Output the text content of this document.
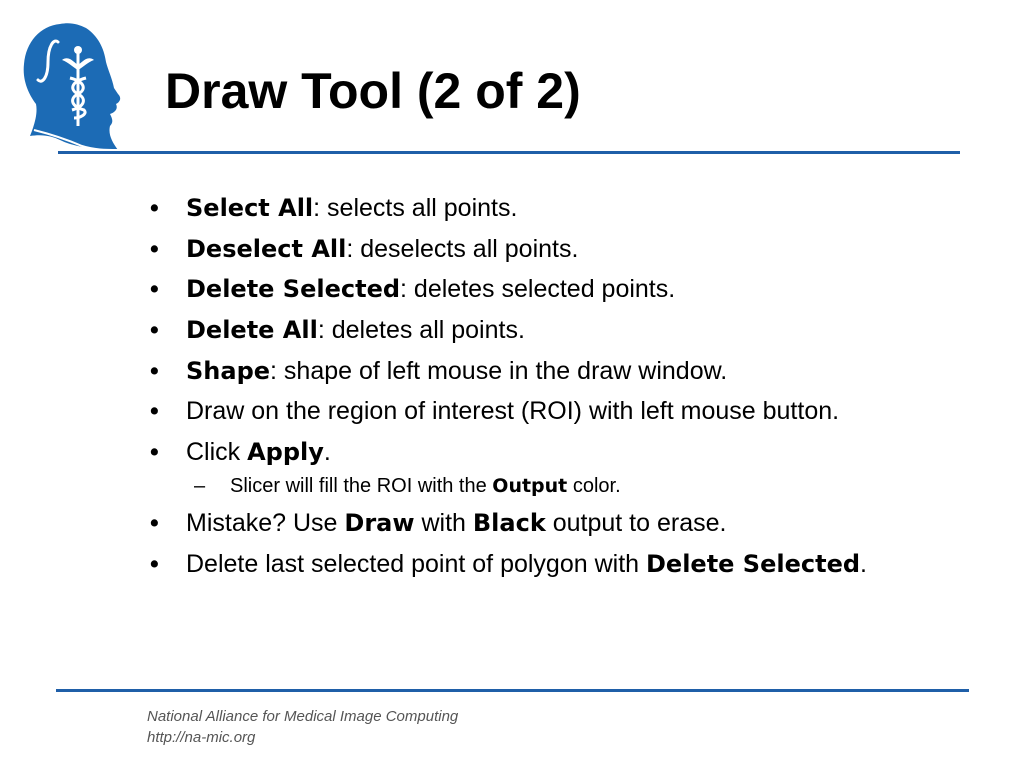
Draw Tool (2 of 2)
• Select All: selects all points.
• Deselect All: deselects all points.
• Delete Selected: deletes selected points.
• Delete All: deletes all points.
• Shape: shape of left mouse in the draw window.
• Draw on the region of interest (ROI) with left mouse button.
• Click Apply.
– Slicer will fill the ROI with the Output color.
• Mistake? Use Draw with Black output to erase.
• Delete last selected point of polygon with Delete Selected.
National Alliance for Medical Image Computing
http://na-mic.org
